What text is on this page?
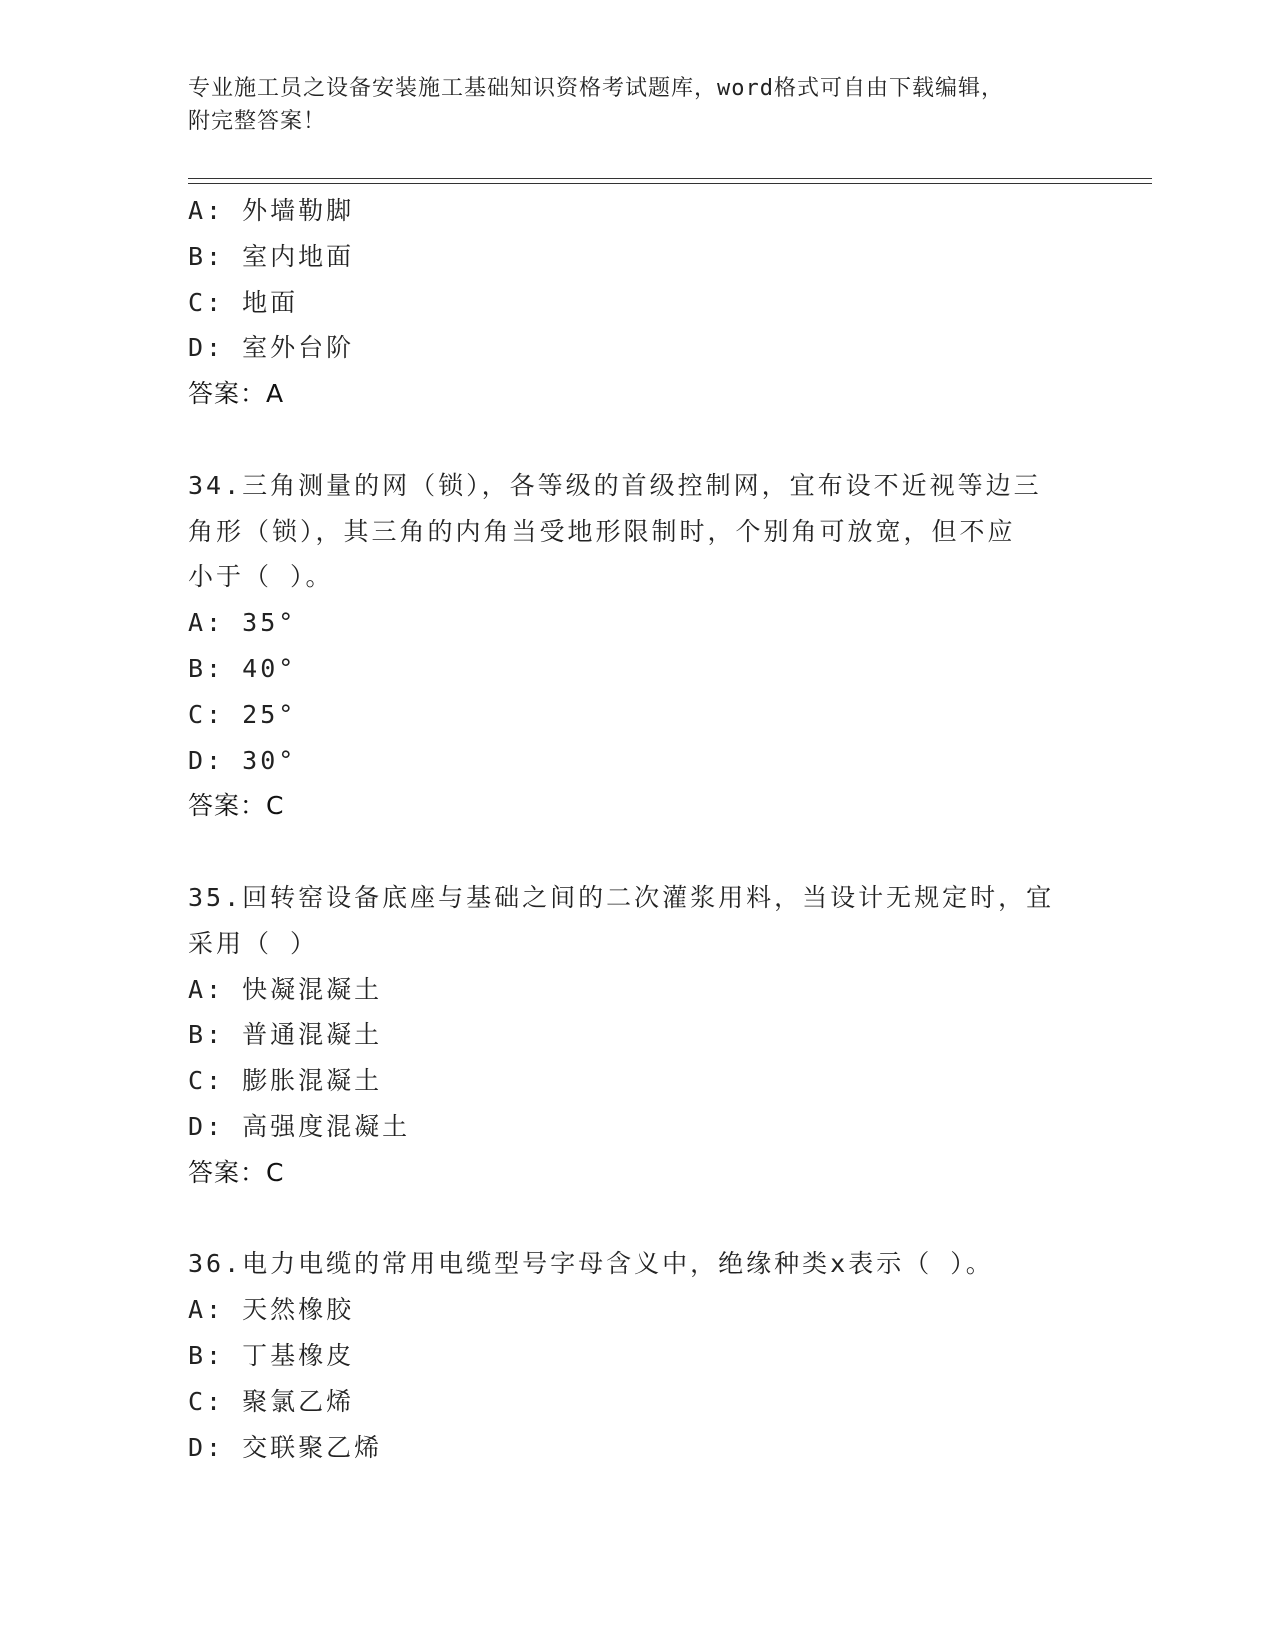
专业施工员之设备安装施工基础知识资格考试题库，word格式可自由下载编辑，
附完整答案！
A: 外墙勒脚
B: 室内地面
C: 地面
D: 室外台阶
答案：A
34.三角测量的网（锁），各等级的首级控制网，宜布设不近视等边三
角形（锁），其三角的内角当受地形限制时，个别角可放宽，但不应
小于（ ）。
A: 35°
B: 40°
C: 25°
D: 30°
答案：C
35.回转窑设备底座与基础之间的二次灌浆用料，当设计无规定时，宜
采用（ ）
A: 快凝混凝土
B: 普通混凝土
C: 膨胀混凝土
D: 高强度混凝土
答案：C
36.电力电缆的常用电缆型号字母含义中，绝缘种类x表示（ ）。
A: 天然橡胶
B: 丁基橡皮
C: 聚氯乙烯
D: 交联聚乙烯
